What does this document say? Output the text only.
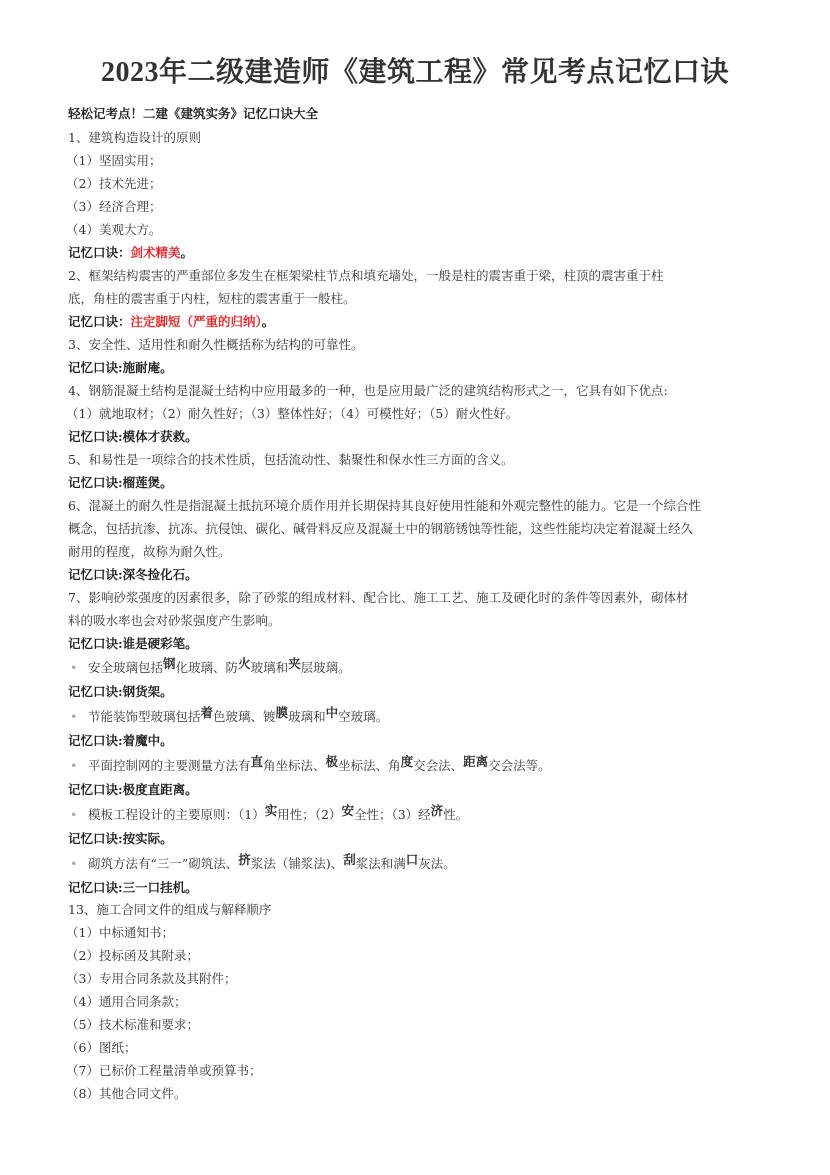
2023年二级建造师《建筑工程》常见考点记忆口诀
轻松记考点！二建《建筑实务》记忆口诀大全
1、建筑构造设计的原则
（1）坚固实用；
（2）技术先进；
（3）经济合理；
（4）美观大方。
记忆口诀：剑术精美。
2、框架结构震害的严重部位多发生在框架梁柱节点和填充墙处，一般是柱的震害重于梁，柱顶的震害重于柱
底，角柱的震害重于内柱，短柱的震害重于一般柱。
记忆口诀：注定脚短（严重的归纳）。
3、安全性、适用性和耐久性概括称为结构的可靠性。
记忆口诀:施耐庵。
4、钢筋混凝土结构是混凝土结构中应用最多的一种，也是应用最广泛的建筑结构形式之一，它具有如下优点:
（1）就地取材；（2）耐久性好；（3）整体性好；（4）可模性好；（5）耐火性好。
记忆口诀:模体才获救。
5、和易性是一项综合的技术性质，包括流动性、黏聚性和保水性三方面的含义。
记忆口诀:榴莲煲。
6、混凝土的耐久性是指混凝土抵抗环境介质作用并长期保持其良好使用性能和外观完整性的能力。它是一个综合性
概念，包括抗渗、抗冻、抗侵蚀、碳化、碱骨料反应及混凝土中的钢筋锈蚀等性能，这些性能均决定着混凝土经久
耐用的程度，故称为耐久性。
记忆口诀:深冬捡化石。
7、影响砂浆强度的因素很多，除了砂浆的组成材料、配合比、施工工艺、施工及硬化时的条件等因素外，砌体材
料的吸水率也会对砂浆强度产生影响。
记忆口诀:谁是硬彩笔。
• 安全玻璃包括钢化玻璃、防火玻璃和夹层玻璃。
记忆口诀:钢货架。
• 节能装饰型玻璃包括着色玻璃、镀膜玻璃和中空玻璃。
记忆口诀:着魔中。
• 平面控制网的主要测量方法有直角坐标法、极坐标法、角度交会法、距离交会法等。
记忆口诀:极度直距离。
• 模板工程设计的主要原则：（1）实用性；（2）安全性；（3）经济性。
记忆口诀:按实际。
• 砌筑方法有“三一”砌筑法、挤浆法（铺浆法)、刮浆法和满口灰法。
记忆口诀:三一口挂机。
13、施工合同文件的组成与解释顺序
（1）中标通知书；
（2）投标函及其附录；
（3）专用合同条款及其附件；
（4）通用合同条款；
（5）技术标准和要求；
（6）图纸；
（7）已标价工程量清单或预算书；
（8）其他合同文件。
